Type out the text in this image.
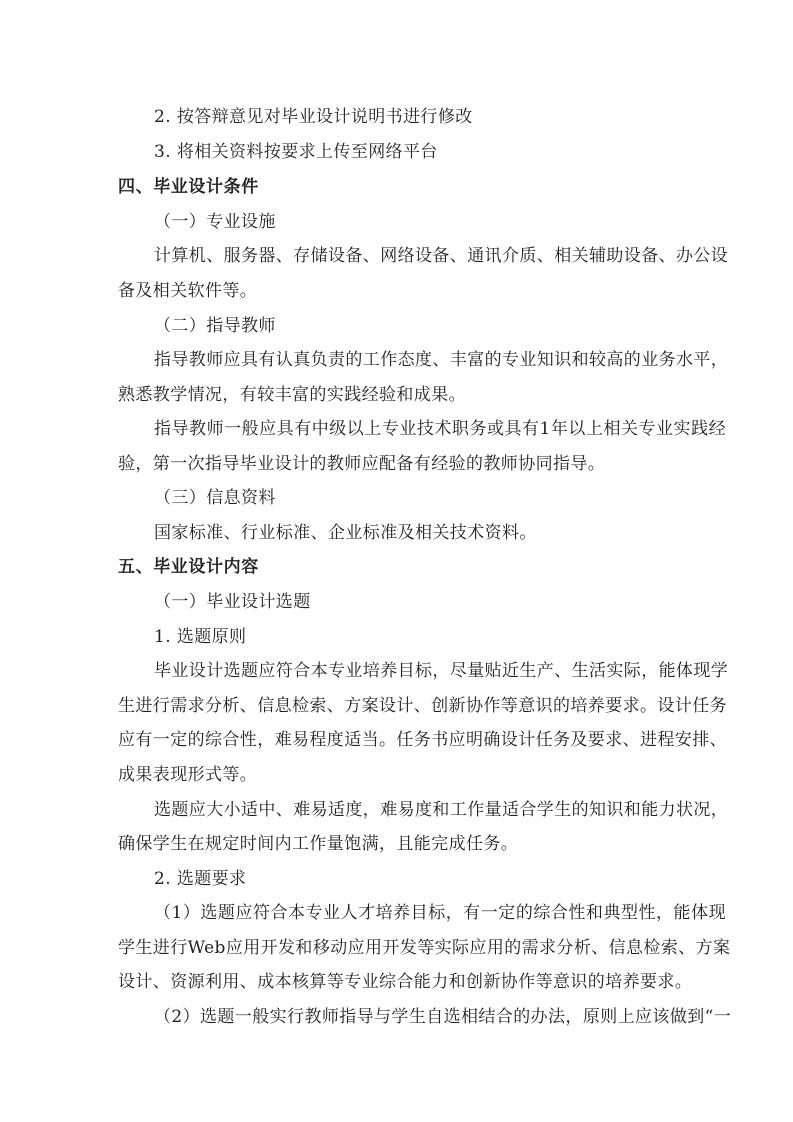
2. 按答辩意见对毕业设计说明书进行修改
3. 将相关资料按要求上传至网络平台
四、毕业设计条件
（一）专业设施
计算机、服务器、存储设备、网络设备、通讯介质、相关辅助设备、办公设
备及相关软件等。
（二）指导教师
指导教师应具有认真负责的工作态度、丰富的专业知识和较高的业务水平，
熟悉教学情况，有较丰富的实践经验和成果。
指导教师一般应具有中级以上专业技术职务或具有1年以上相关专业实践经
验，第一次指导毕业设计的教师应配备有经验的教师协同指导。
（三）信息资料
国家标准、行业标准、企业标准及相关技术资料。
五、毕业设计内容
（一）毕业设计选题
1. 选题原则
毕业设计选题应符合本专业培养目标，尽量贴近生产、生活实际，能体现学
生进行需求分析、信息检索、方案设计、创新协作等意识的培养要求。设计任务
应有一定的综合性，难易程度适当。任务书应明确设计任务及要求、进程安排、
成果表现形式等。
选题应大小适中、难易适度，难易度和工作量适合学生的知识和能力状况，
确保学生在规定时间内工作量饱满，且能完成任务。
2. 选题要求
（1）选题应符合本专业人才培养目标，有一定的综合性和典型性，能体现
学生进行Web应用开发和移动应用开发等实际应用的需求分析、信息检索、方案
设计、资源利用、成本核算等专业综合能力和创新协作等意识的培养要求。
（2）选题一般实行教师指导与学生自选相结合的办法，原则上应该做到“一
